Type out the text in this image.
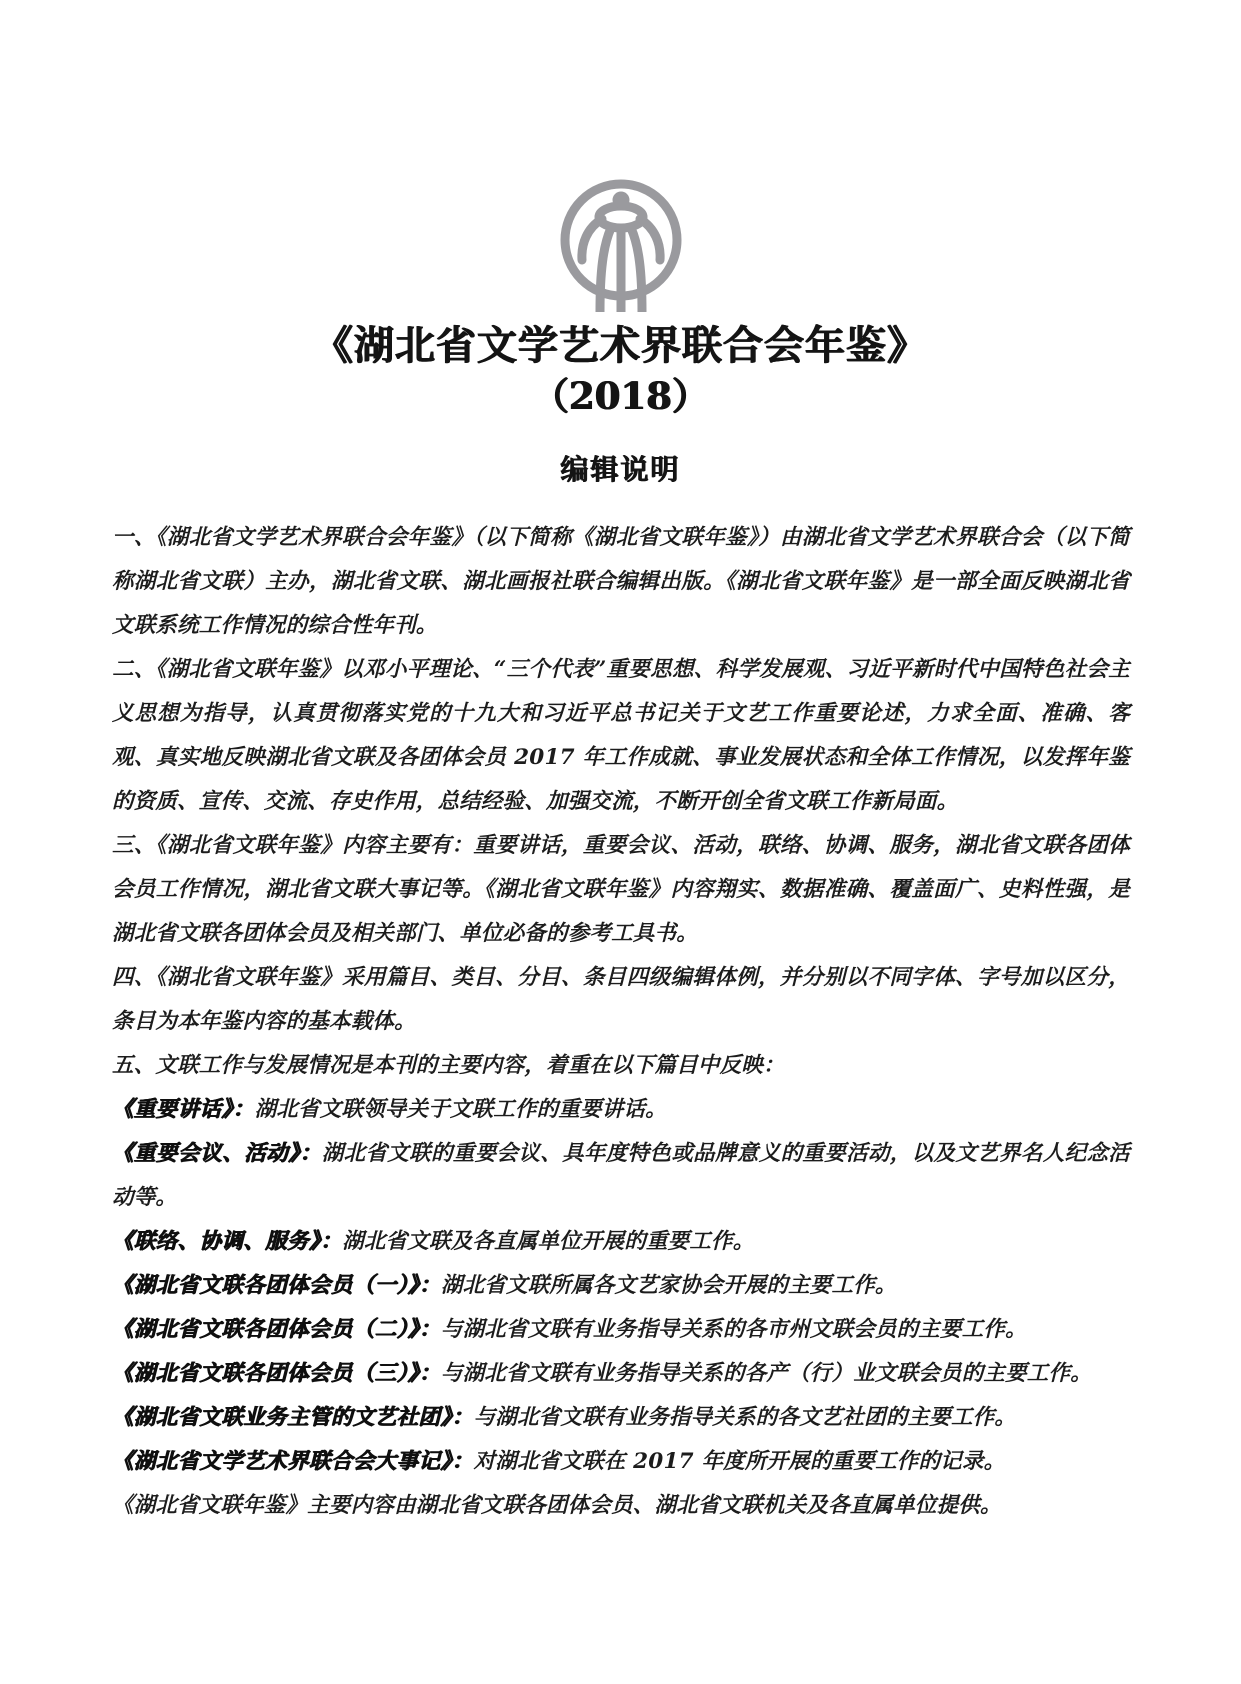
《湖北省文学艺术界联合会年鉴》
（2018）
编辑说明

一、《湖北省文学艺术界联合会年鉴》（以下简称《湖北省文联年鉴》）由湖北省文学艺术界联合会（以下简称湖北省文联）主办，湖北省文联、湖北画报社联合编辑出版。《湖北省文联年鉴》是一部全面反映湖北省文联系统工作情况的综合性年刊。

二、《湖北省文联年鉴》以邓小平理论、“三个代表”重要思想、科学发展观、习近平新时代中国特色社会主义思想为指导，认真贯彻落实党的十九大和习近平总书记关于文艺工作重要论述，力求全面、准确、客观、真实地反映湖北省文联及各团体会员 2017 年工作成就、事业发展状态和全体工作情况，以发挥年鉴的资质、宣传、交流、存史作用，总结经验、加强交流，不断开创全省文联工作新局面。

三、《湖北省文联年鉴》内容主要有：重要讲话，重要会议、活动，联络、协调、服务，湖北省文联各团体会员工作情况，湖北省文联大事记等。《湖北省文联年鉴》内容翔实、数据准确、覆盖面广、史料性强，是湖北省文联各团体会员及相关部门、单位必备的参考工具书。

四、《湖北省文联年鉴》采用篇目、类目、分目、条目四级编辑体例，并分别以不同字体、字号加以区分，条目为本年鉴内容的基本载体。

五、文联工作与发展情况是本刊的主要内容，着重在以下篇目中反映：

《重要讲话》：湖北省文联领导关于文联工作的重要讲话。

《重要会议、活动》：湖北省文联的重要会议、具年度特色或品牌意义的重要活动，以及文艺界名人纪念活动等。

《联络、协调、服务》：湖北省文联及各直属单位开展的重要工作。

《湖北省文联各团体会员（一）》：湖北省文联所属各文艺家协会开展的主要工作。

《湖北省文联各团体会员（二）》：与湖北省文联有业务指导关系的各市州文联会员的主要工作。

《湖北省文联各团体会员（三）》：与湖北省文联有业务指导关系的各产（行）业文联会员的主要工作。

《湖北省文联业务主管的文艺社团》：与湖北省文联有业务指导关系的各文艺社团的主要工作。

《湖北省文学艺术界联合会大事记》：对湖北省文联在 2017 年度所开展的重要工作的记录。

《湖北省文联年鉴》主要内容由湖北省文联各团体会员、湖北省文联机关及各直属单位提供。
